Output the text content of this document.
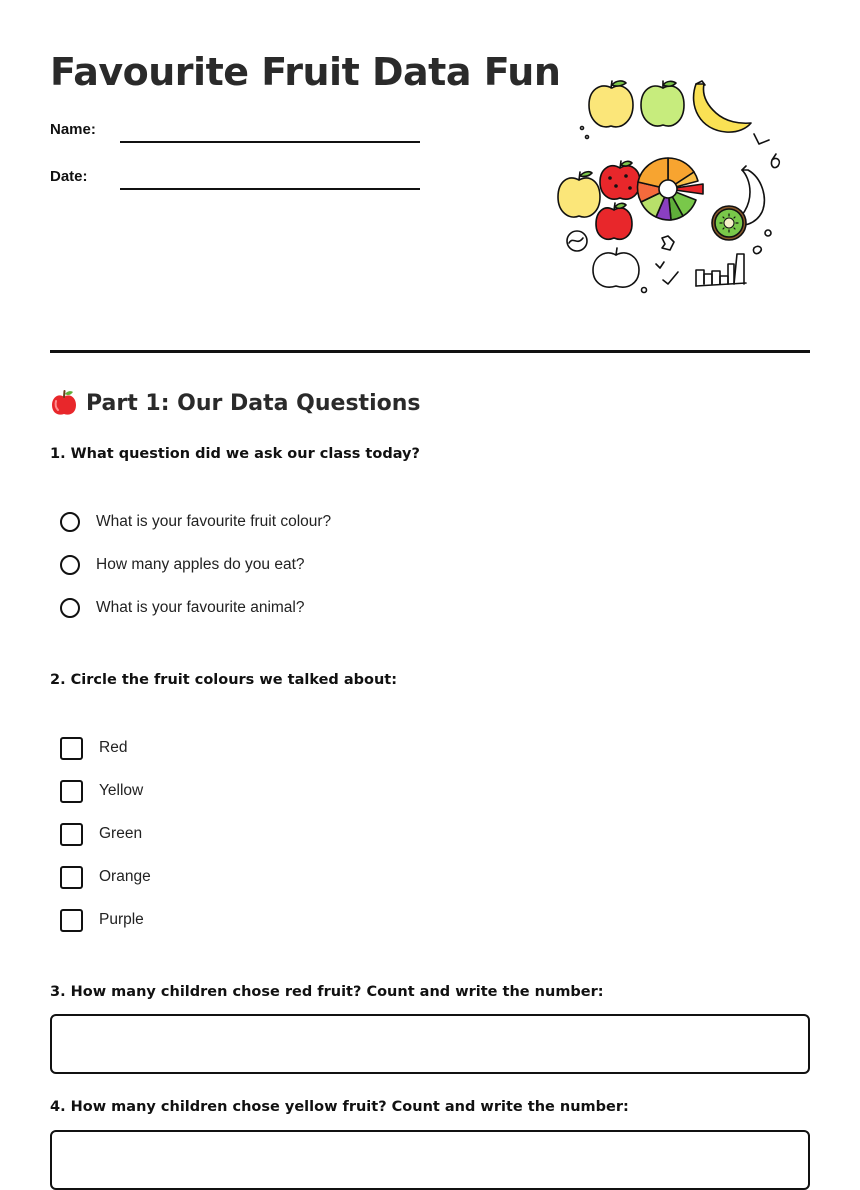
Favourite Fruit Data Fun
Name:
Date:
Part 1: Our Data Questions

1. What question did we ask our class today?

What is your favourite fruit colour?
How many apples do you eat?
What is your favourite animal?

2. Circle the fruit colours we talked about:

Red
Yellow
Green
Orange
Purple

3. How many children chose red fruit? Count and write the number:

4. How many children chose yellow fruit? Count and write the number:
